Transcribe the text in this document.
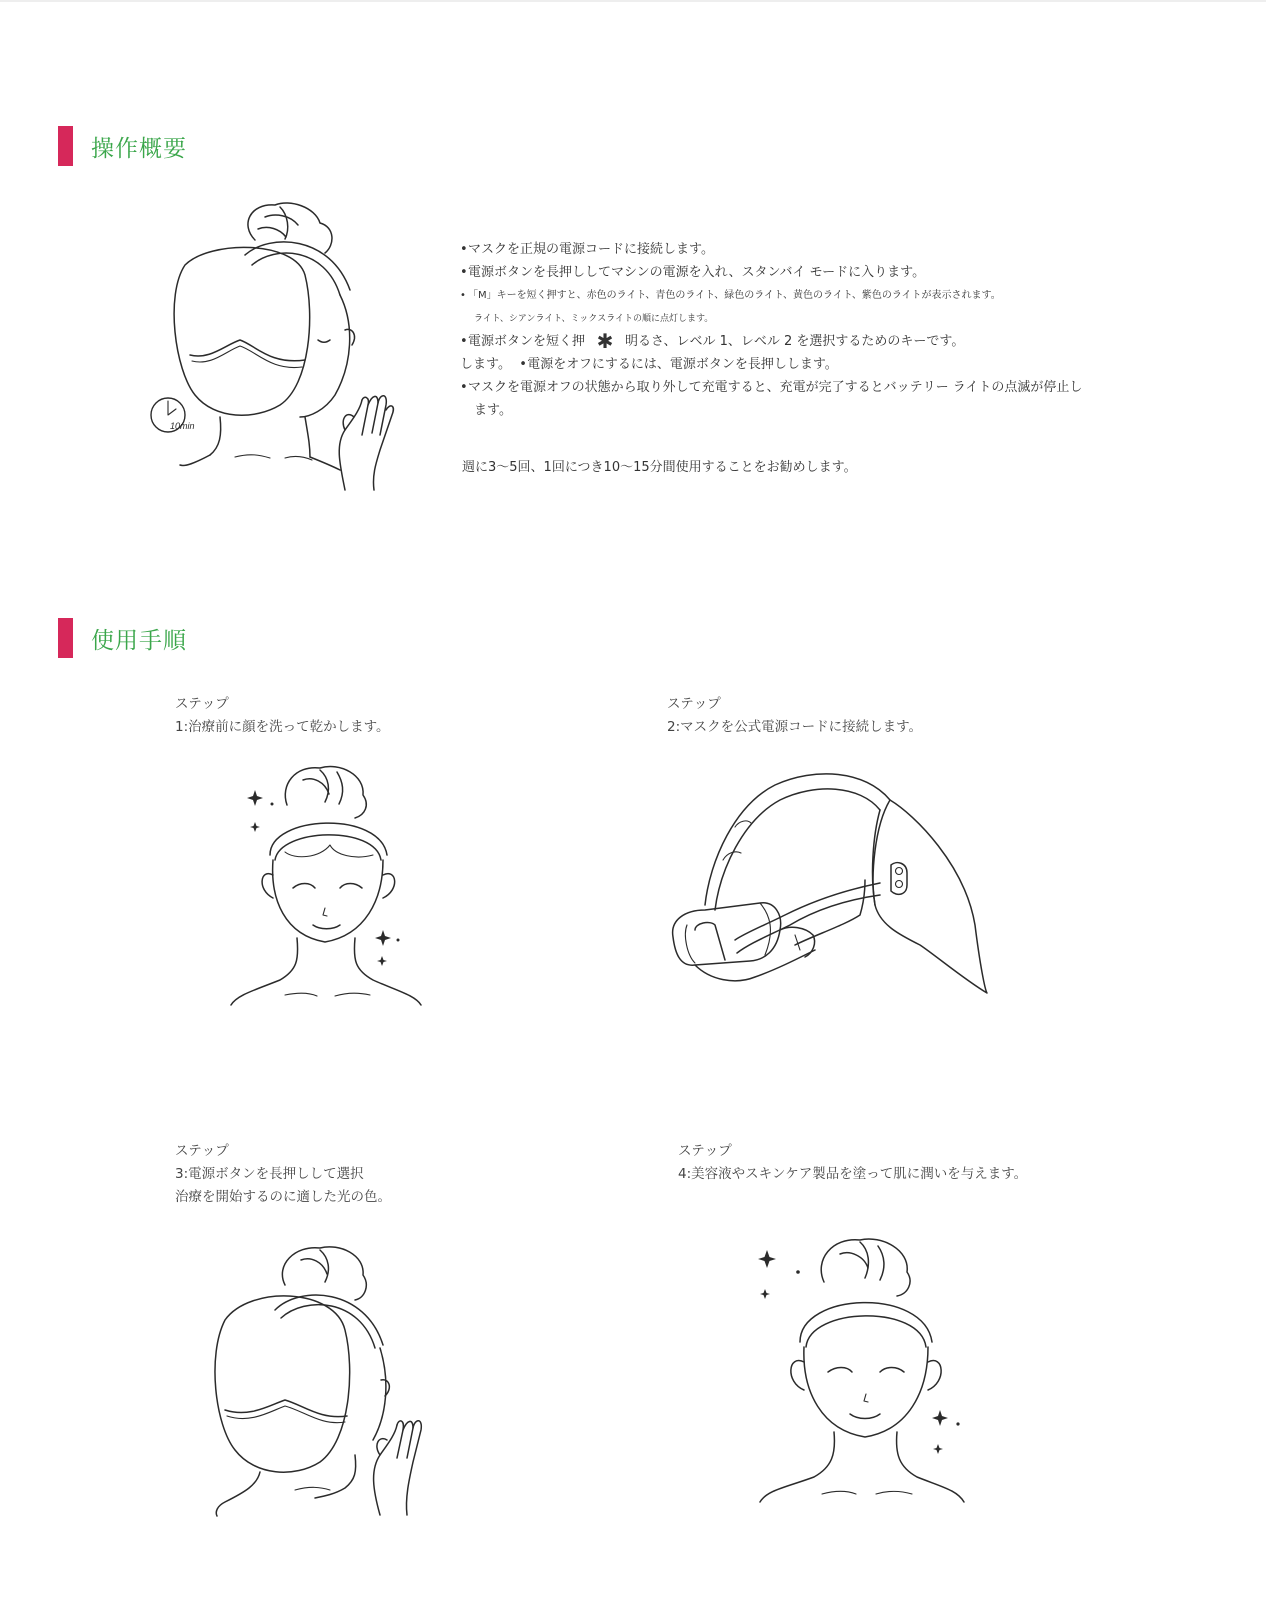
操作概要
10min
•マスクを正規の電源コードに接続します。
•電源ボタンを長押ししてマシンの電源を入れ、スタンバイ モードに入ります。
• 「M」キーを短く押すと、赤色のライト、青色のライト、緑色のライト、黄色のライト、紫色のライトが表示されます。
ライト、シアンライト、ミックスライトの順に点灯します。
•電源ボタンを短く押 ✱ 明るさ、レベル 1、レベル 2 を選択するためのキーです。
します。 •電源をオフにするには、電源ボタンを長押しします。
•マスクを電源オフの状態から取り外して充電すると、充電が完了するとバッテリー ライトの点滅が停止し
ます。
週に3〜5回、1回につき10〜15分間使用することをお勧めします。
使用手順
ステップ
1:治療前に顔を洗って乾かします。
ステップ
2:マスクを公式電源コードに接続します。
ステップ
3:電源ボタンを長押しして選択
治療を開始するのに適した光の色。
ステップ
4:美容液やスキンケア製品を塗って肌に潤いを与えます。
